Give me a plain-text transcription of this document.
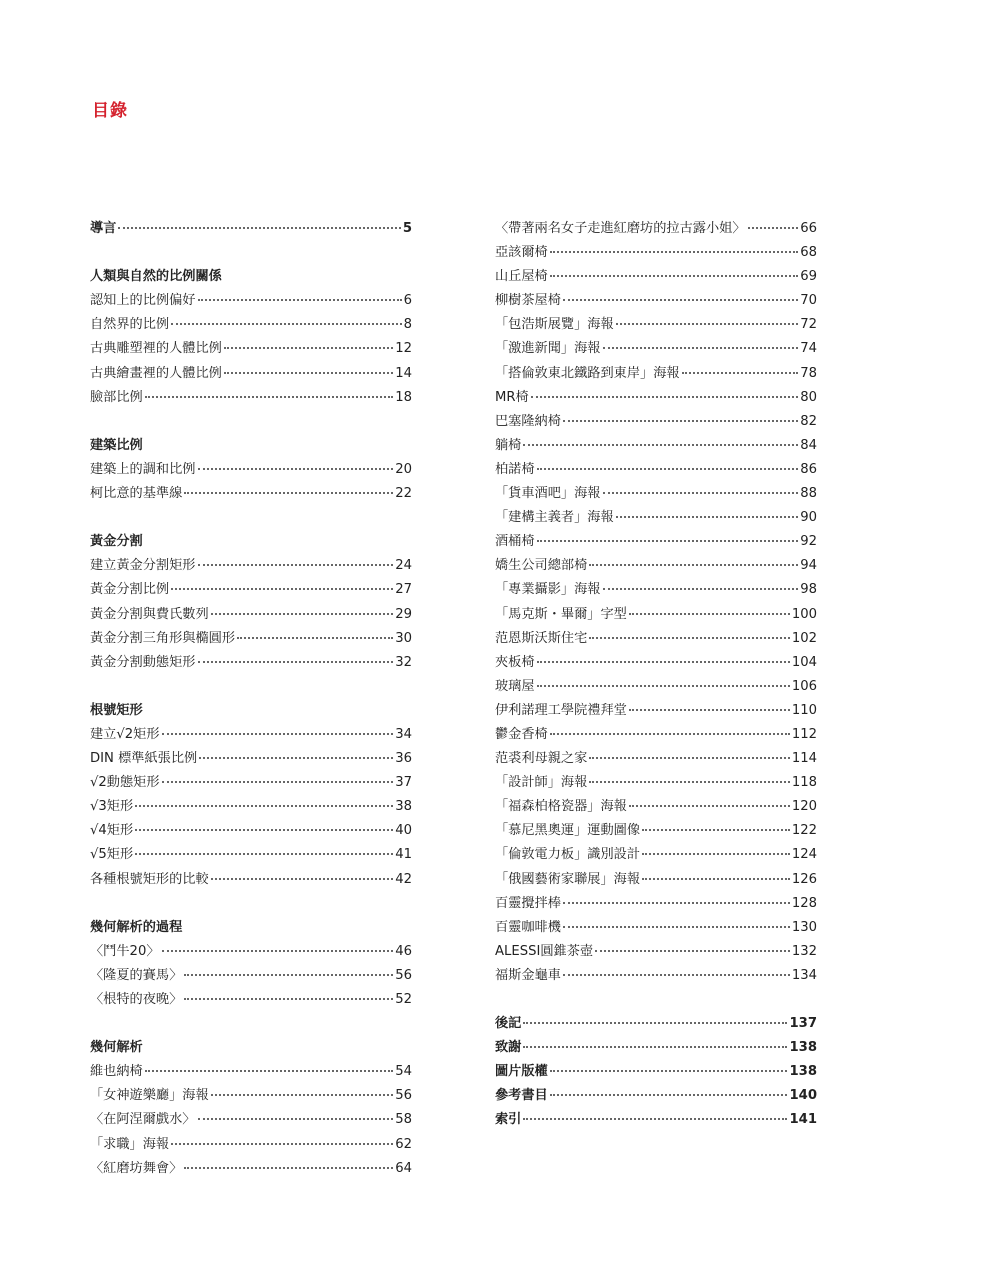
目錄
導言	5
人類與自然的比例關係
認知上的比例偏好	6
自然界的比例	8
古典雕塑裡的人體比例	12
古典繪畫裡的人體比例	14
臉部比例	18
建築比例
建築上的調和比例	20
柯比意的基準線	22
黃金分割
建立黃金分割矩形	24
黃金分割比例	27
黃金分割與費氏數列	29
黃金分割三角形與橢圓形	30
黃金分割動態矩形	32
根號矩形
建立√2矩形	34
DIN 標準紙張比例	36
√2動態矩形	37
√3矩形	38
√4矩形	40
√5矩形	41
各種根號矩形的比較	42
幾何解析的過程
〈鬥牛20〉	46
〈隆夏的賽馬〉	56
〈根特的夜晚〉	52
幾何解析
維也納椅	54
「女神遊樂廳」海報	56
〈在阿涅爾戲水〉	58
「求職」海報	62
〈紅磨坊舞會〉	64
〈帶著兩名女子走進紅磨坊的拉古露小姐〉	66
亞該爾椅	68
山丘屋椅	69
柳樹茶屋椅	70
「包浩斯展覽」海報	72
「激進新聞」海報	74
「搭倫敦東北鐵路到東岸」海報	78
MR椅	80
巴塞隆納椅	82
躺椅	84
柏諾椅	86
「貨車酒吧」海報	88
「建構主義者」海報	90
酒桶椅	92
嬌生公司總部椅	94
「專業攝影」海報	98
「馬克斯・畢爾」字型	100
范恩斯沃斯住宅	102
夾板椅	104
玻璃屋	106
伊利諾理工學院禮拜堂	110
鬱金香椅	112
范裘利母親之家	114
「設計師」海報	118
「福森柏格瓷器」海報	120
「慕尼黑奧運」運動圖像	122
「倫敦電力板」識別設計	124
「俄國藝術家聯展」海報	126
百靈攪拌棒	128
百靈咖啡機	130
ALESSI圓錐茶壺	132
福斯金龜車	134
後記	137
致謝	138
圖片版權	138
參考書目	140
索引	141
